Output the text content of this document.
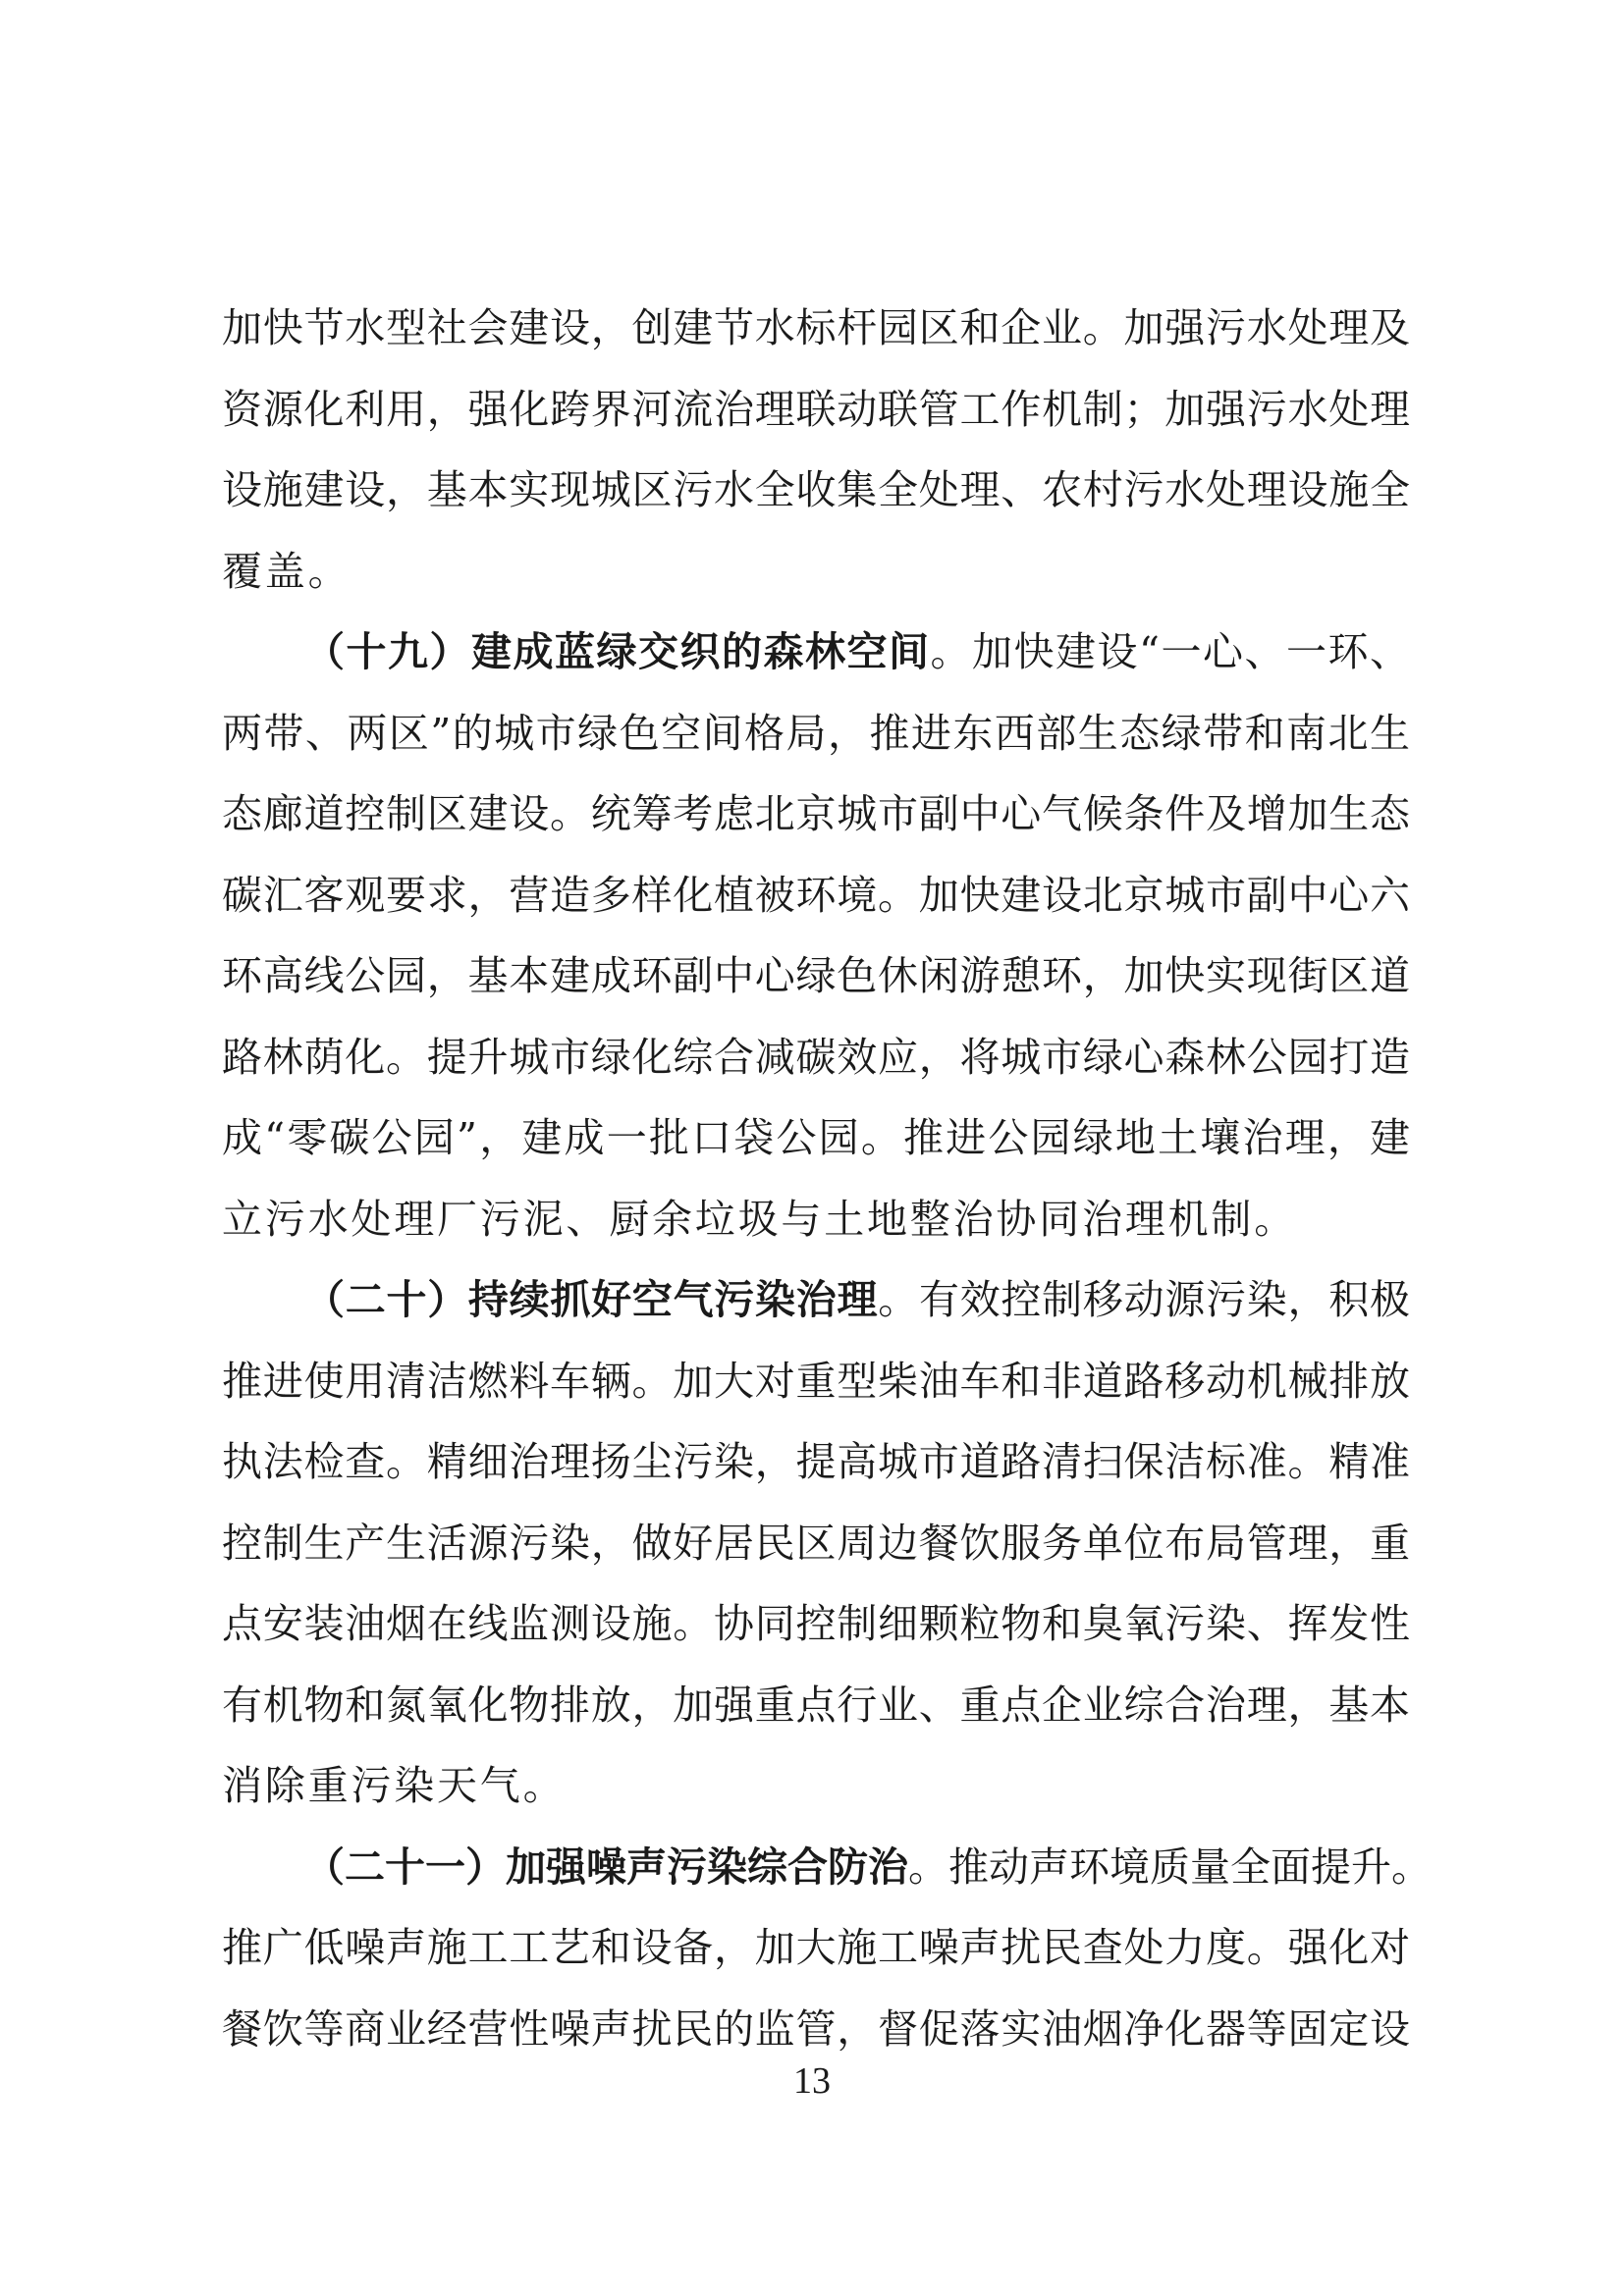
加快节水型社会建设，创建节水标杆园区和企业。加强污水处理及
资源化利用，强化跨界河流治理联动联管工作机制；加强污水处理
设施建设，基本实现城区污水全收集全处理、农村污水处理设施全
覆盖。
（十九）建成蓝绿交织的森林空间。加快建设“一心、一环、
两带、两区”的城市绿色空间格局，推进东西部生态绿带和南北生
态廊道控制区建设。统筹考虑北京城市副中心气候条件及增加生态
碳汇客观要求，营造多样化植被环境。加快建设北京城市副中心六
环高线公园，基本建成环副中心绿色休闲游憩环，加快实现街区道
路林荫化。提升城市绿化综合减碳效应，将城市绿心森林公园打造
成“零碳公园”，建成一批口袋公园。推进公园绿地土壤治理，建
立污水处理厂污泥、厨余垃圾与土地整治协同治理机制。
（二十）持续抓好空气污染治理。有效控制移动源污染，积极
推进使用清洁燃料车辆。加大对重型柴油车和非道路移动机械排放
执法检查。精细治理扬尘污染，提高城市道路清扫保洁标准。精准
控制生产生活源污染，做好居民区周边餐饮服务单位布局管理，重
点安装油烟在线监测设施。协同控制细颗粒物和臭氧污染、挥发性
有机物和氮氧化物排放，加强重点行业、重点企业综合治理，基本
消除重污染天气。
（二十一）加强噪声污染综合防治。推动声环境质量全面提升。
推广低噪声施工工艺和设备，加大施工噪声扰民查处力度。强化对
餐饮等商业经营性噪声扰民的监管，督促落实油烟净化器等固定设
13
